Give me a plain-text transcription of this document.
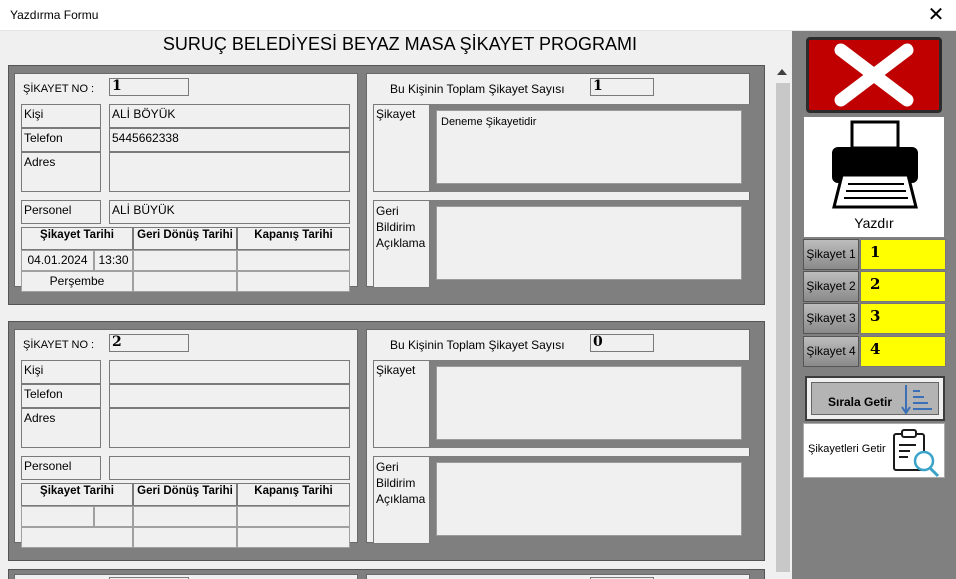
Yazdırma Formu	✕
SURUÇ BELEDİYESİ BEYAZ MASA ŞİKAYET PROGRAMI
ŞİKAYET NO : 1
Kişi	ALİ BÖYÜK
Telefon	5445662338
Adres
Personel	ALİ BÜYÜK
Şikayet Tarihi	Geri Dönüş Tarihi	Kapanış Tarihi
04.01.2024 13:30
Perşembe
Bu Kişinin Toplam Şikayet Sayısı 1
Şikayet
Deneme Şikayetidir
Geri
Bildirim
Açıklama
ŞİKAYET NO : 2
Kişi
Telefon
Adres
Personel
Şikayet Tarihi	Geri Dönüş Tarihi	Kapanış Tarihi
Bu Kişinin Toplam Şikayet Sayısı 0
Şikayet
Geri
Bildirim
Açıklama
Yazdır
Şikayet 1 1
Şikayet 2 2
Şikayet 3 3
Şikayet 4 4
Sırala Getir
Şikayetleri Getir
